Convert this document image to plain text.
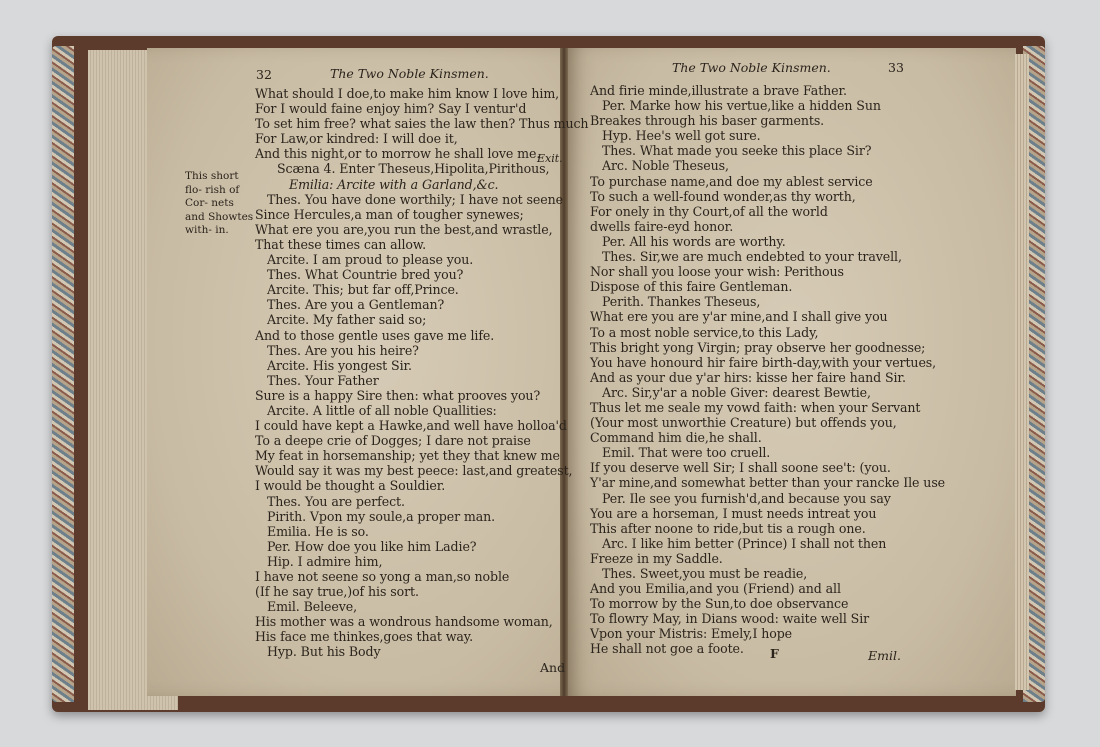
32	The Two Noble Kinsmen.
This short flo- rish of Cor- nets and Showtes with- in.
Exit.
What should I doe,to make him know I love him,
For I would faine enjoy him? Say I ventur'd
To set him free? what saies the law then? Thus much
For Law,or kindred: I will doe it,
And this night,or to morrow he shall love me.
Scæna 4. Enter Theseus,Hipolita,Pirithous,
Emilia: Arcite with a Garland,&c.
Thes. You have done worthily; I have not seene
Since Hercules,a man of tougher synewes;
What ere you are,you run the best,and wrastle,
That these times can allow.
Arcite. I am proud to please you.
Thes. What Countrie bred you?
Arcite. This; but far off,Prince.
Thes. Are you a Gentleman?
Arcite. My father said so;
And to those gentle uses gave me life.
Thes. Are you his heire?
Arcite. His yongest Sir.
Thes. Your Father
Sure is a happy Sire then: what prooves you?
Arcite. A little of all noble Quallities:
I could have kept a Hawke,and well have holloa'd
To a deepe crie of Dogges; I dare not praise
My feat in horsemanship; yet they that knew me
Would say it was my best peece: last,and greatest,
I would be thought a Souldier.
Thes. You are perfect.
Pirith. Vpon my soule,a proper man.
Emilia. He is so.
Per. How doe you like him Ladie?
Hip. I admire him,
I have not seene so yong a man,so noble
(If he say true,)of his sort.
Emil. Beleeve,
His mother was a wondrous handsome woman,
His face me thinkes,goes that way.
Hyp. But his Body
And
The Two Noble Kinsmen.	33
And firie minde,illustrate a brave Father.
Per. Marke how his vertue,like a hidden Sun
Breakes through his baser garments.
Hyp. Hee's well got sure.
Thes. What made you seeke this place Sir?
Arc. Noble Theseus,
To purchase name,and doe my ablest service
To such a well-found wonder,as thy worth,
For onely in thy Court,of all the world
dwells faire-eyd honor.
Per. All his words are worthy.
Thes. Sir,we are much endebted to your travell,
Nor shall you loose your wish: Perithous
Dispose of this faire Gentleman.
Perith. Thankes Theseus,
What ere you are y'ar mine,and I shall give you
To a most noble service,to this Lady,
This bright yong Virgin; pray observe her goodnesse;
You have honourd hir faire birth-day,with your vertues,
And as your due y'ar hirs: kisse her faire hand Sir.
Arc. Sir,y'ar a noble Giver: dearest Bewtie,
Thus let me seale my vowd faith: when your Servant
(Your most unworthie Creature) but offends you,
Command him die,he shall.
Emil. That were too cruell.
If you deserve well Sir; I shall soone see't: (you.
Y'ar mine,and somewhat better than your rancke Ile use
Per. Ile see you furnish'd,and because you say
You are a horseman, I must needs intreat you
This after noone to ride,but tis a rough one.
Arc. I like him better (Prince) I shall not then
Freeze in my Saddle.
Thes. Sweet,you must be readie,
And you Emilia,and you (Friend) and all
To morrow by the Sun,to doe observance
To flowry May, in Dians wood: waite well Sir
Vpon your Mistris: Emely,I hope
He shall not goe a foote.	F	Emil.
